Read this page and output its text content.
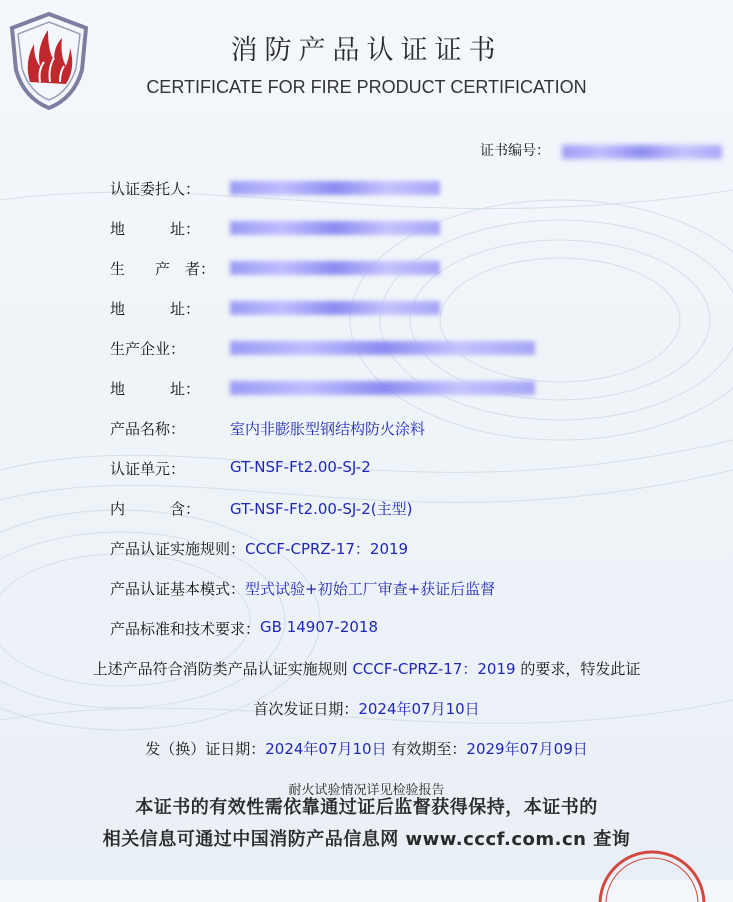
消防产品认证证书
CERTIFICATE FOR FIRE PRODUCT CERTIFICATION
证书编号：
认证委托人：
地　　　址：
生　　产　者：
地　　　址：
生产企业：
地　　　址：
产品名称：	室内非膨胀型钢结构防火涂料
认证单元：	GT-NSF-Ft2.00-SJ-2
内　　　含： GT-NSF-Ft2.00-SJ-2(主型)
产品认证实施规则：CCCF-CPRZ-17：2019
产品认证基本模式：型式试验+初始工厂审查+获证后监督
产品标准和技术要求：GB 14907-2018
上述产品符合消防类产品认证实施规则 CCCF-CPRZ-17：2019 的要求，特发此证
首次发证日期：2024年07月10日
发（换）证日期：2024年07月10日 有效期至：2029年07月09日
耐火试验情况详见检验报告
本证书的有效性需依靠通过证后监督获得保持，本证书的
相关信息可通过中国消防产品信息网 www.cccf.com.cn 查询
